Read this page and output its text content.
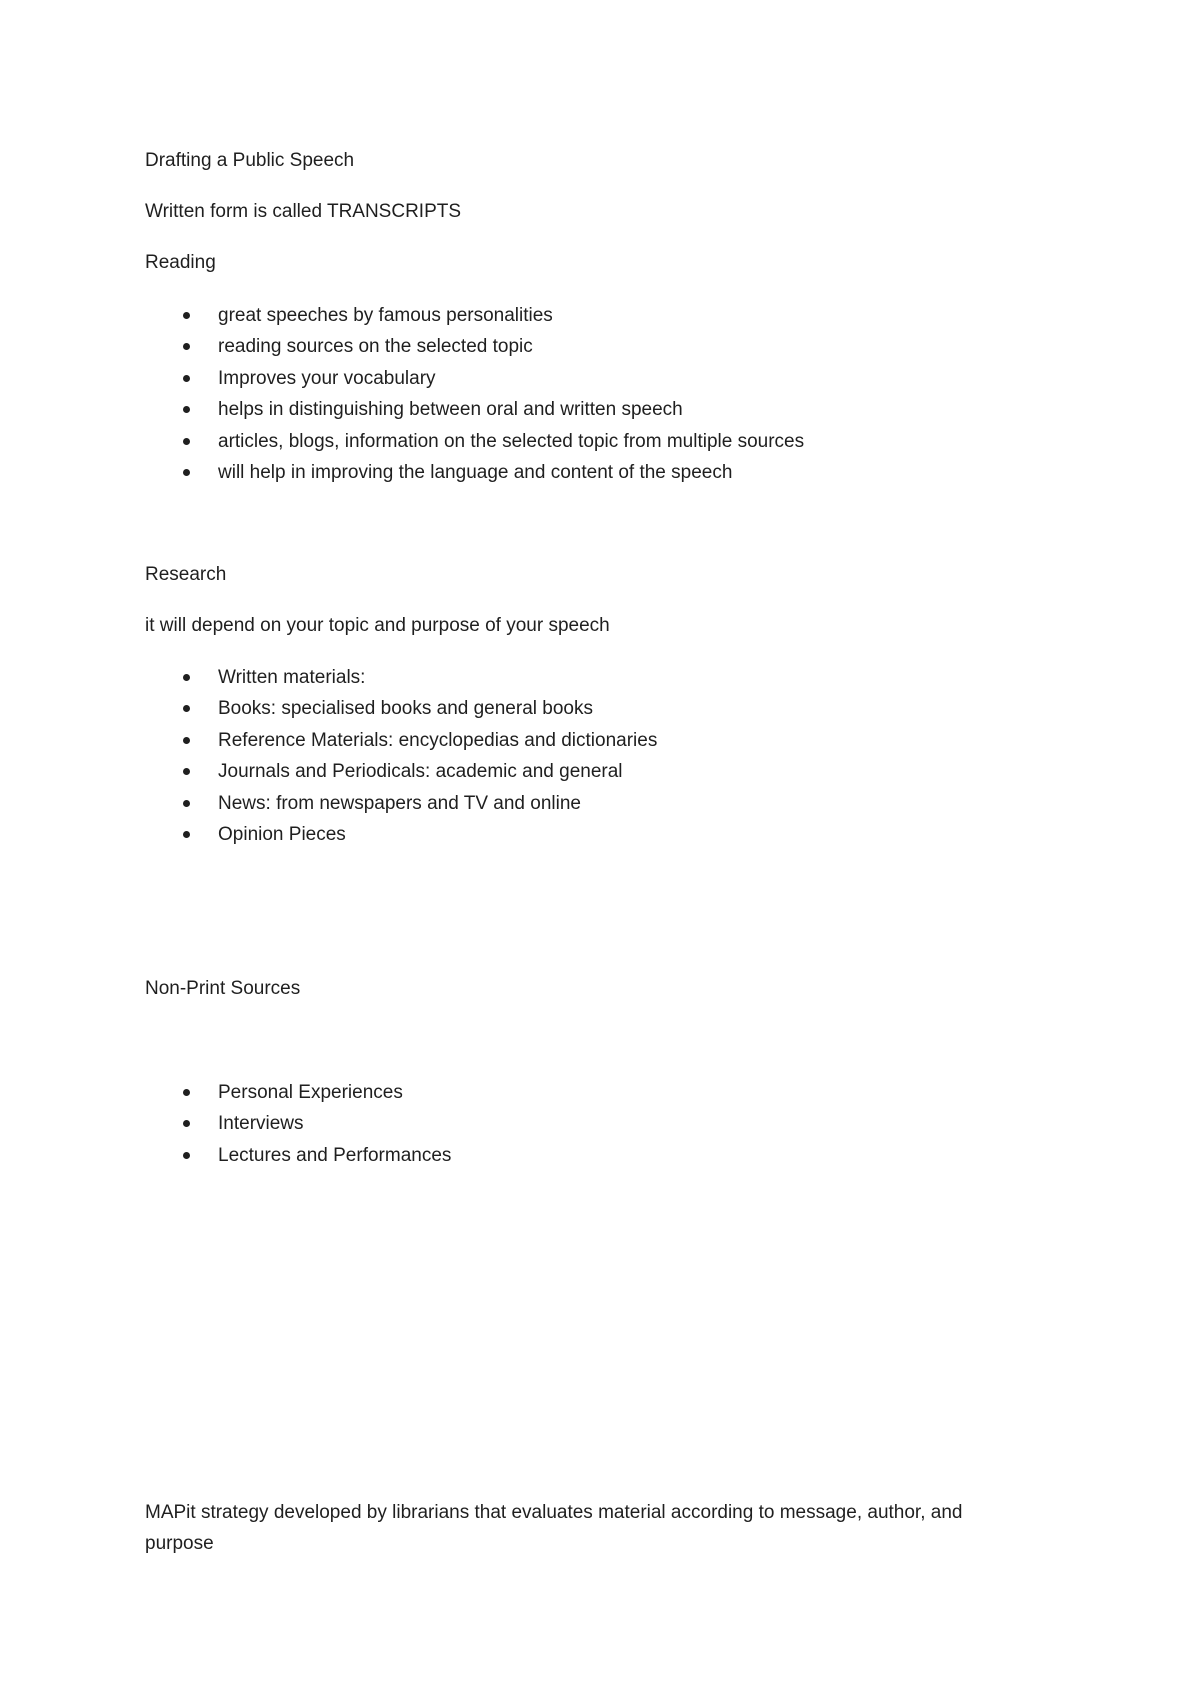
Drafting a Public Speech
Written form is called TRANSCRIPTS
Reading
great speeches by famous personalities
reading sources on the selected topic
Improves your vocabulary
helps in distinguishing between oral and written speech
articles, blogs, information on the selected topic from multiple sources
will help in improving the language and content of the speech
Research
it will depend on your topic and purpose of your speech
Written materials:
Books: specialised books and general books
Reference Materials: encyclopedias and dictionaries
Journals and Periodicals: academic and general
News: from newspapers and TV and online
Opinion Pieces
Non-Print Sources
Personal Experiences
Interviews
Lectures and Performances
MAPit strategy developed by librarians that evaluates material according to message, author, and
purpose
